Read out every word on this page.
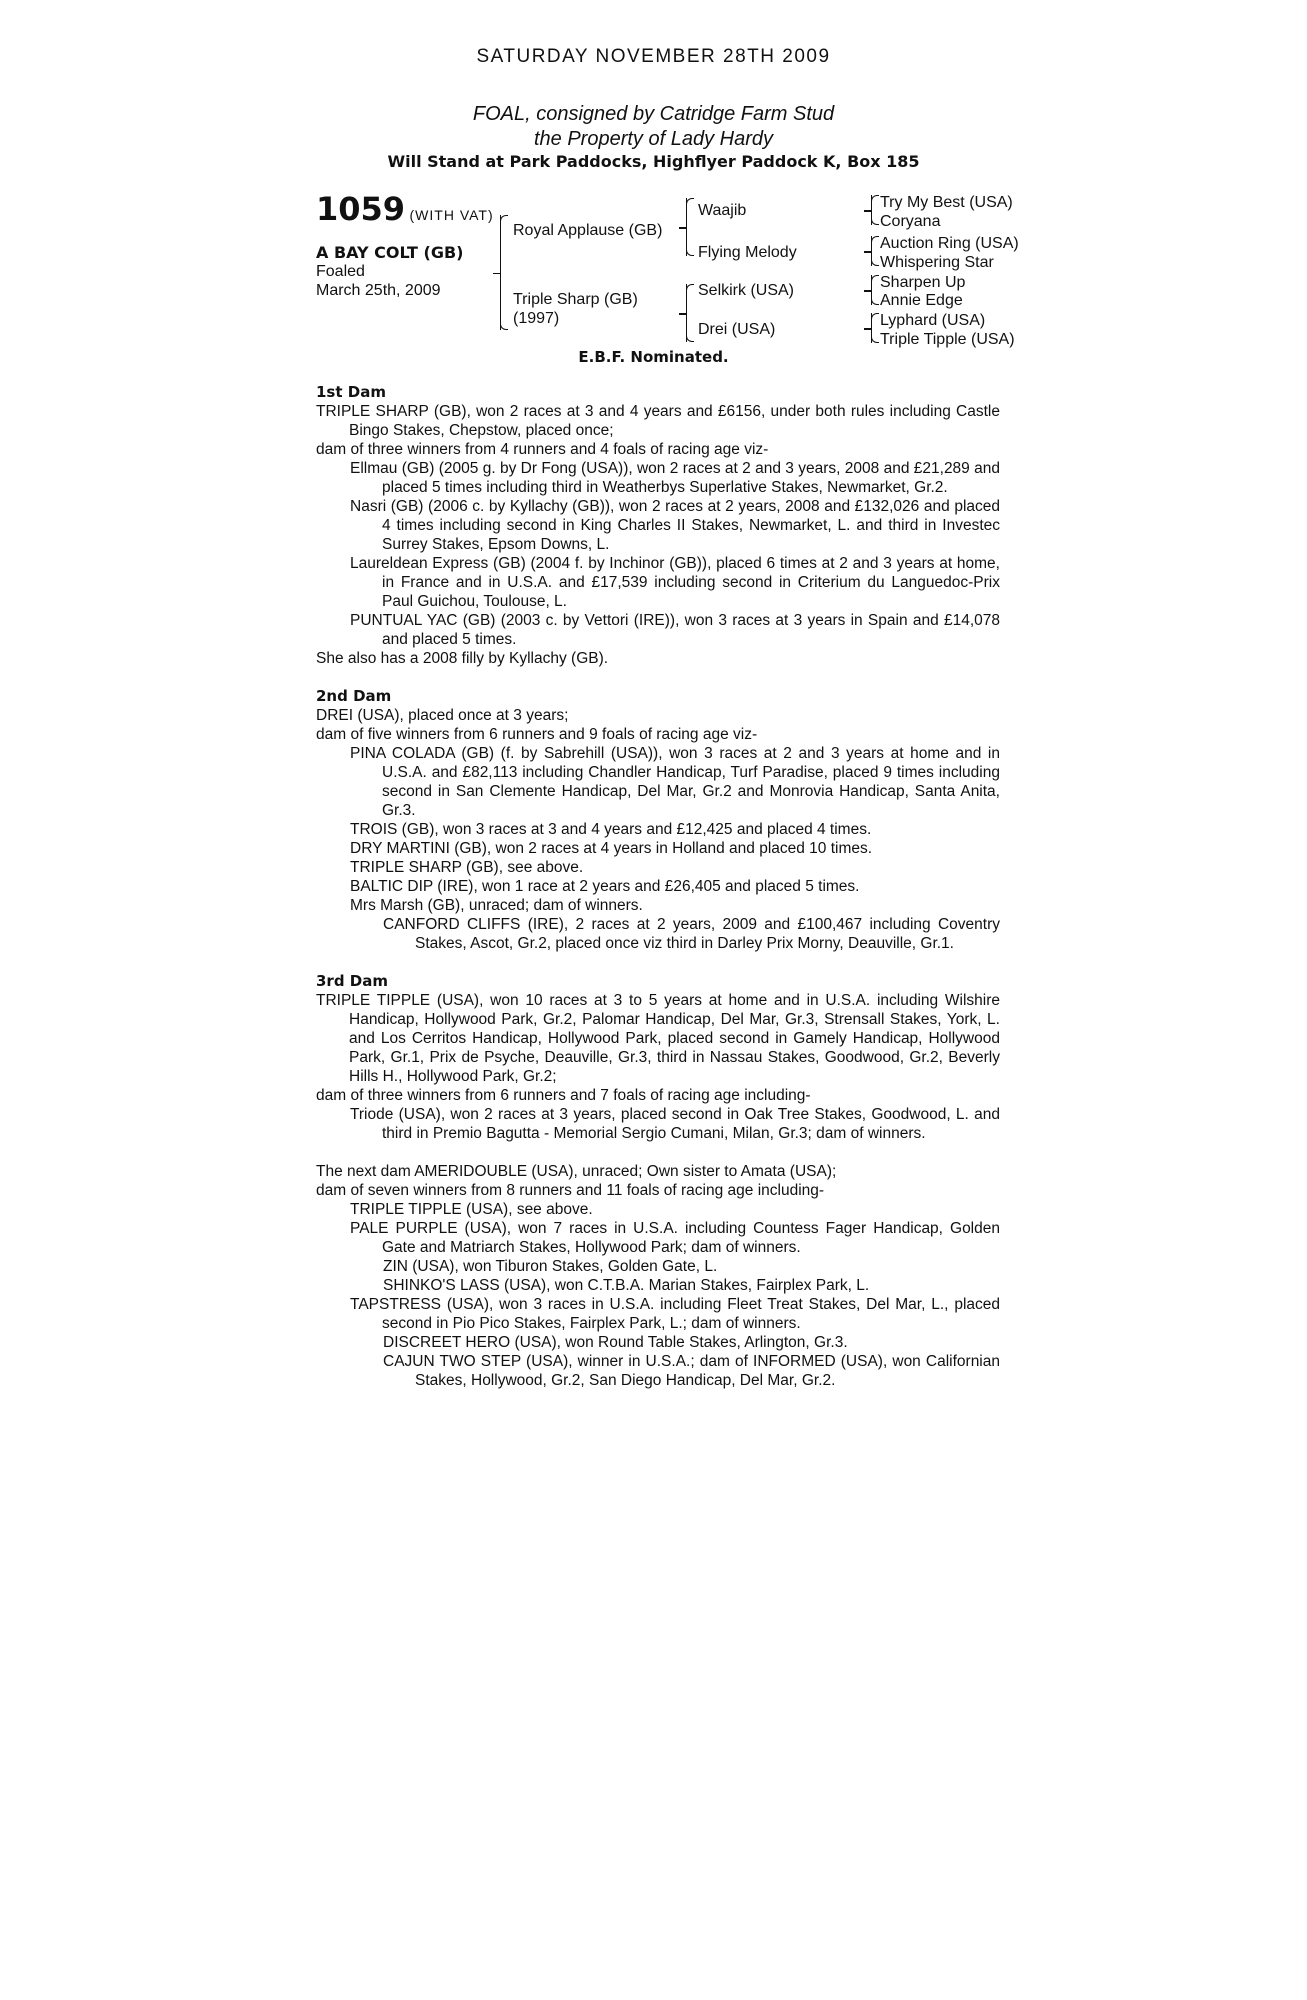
SATURDAY NOVEMBER 28TH 2009
FOAL, consigned by Catridge Farm Stud
the Property of Lady Hardy
Will Stand at Park Paddocks, Highflyer Paddock K, Box 185
1059 (WITH VAT)
A BAY COLT (GB)
Foaled
March 25th, 2009
Royal Applause (GB)
Triple Sharp (GB)
(1997)
Waajib
Flying Melody
Selkirk (USA)
Drei (USA)
Try My Best (USA)
Coryana
Auction Ring (USA)
Whispering Star
Sharpen Up
Annie Edge
Lyphard (USA)
Triple Tipple (USA)
E.B.F. Nominated.

1st Dam

TRIPLE SHARP (GB), won 2 races at 3 and 4 years and £6156, under both rules including Castle Bingo Stakes, Chepstow, placed once;

dam of three winners from 4 runners and 4 foals of racing age viz-

Ellmau (GB) (2005 g. by Dr Fong (USA)), won 2 races at 2 and 3 years, 2008 and £21,289 and placed 5 times including third in Weatherbys Superlative Stakes, Newmarket, Gr.2.

Nasri (GB) (2006 c. by Kyllachy (GB)), won 2 races at 2 years, 2008 and £132,026 and placed 4 times including second in King Charles II Stakes, Newmarket, L. and third in Investec Surrey Stakes, Epsom Downs, L.

Laureldean Express (GB) (2004 f. by Inchinor (GB)), placed 6 times at 2 and 3 years at home, in France and in U.S.A. and £17,539 including second in Criterium du Languedoc-Prix Paul Guichou, Toulouse, L.

PUNTUAL YAC (GB) (2003 c. by Vettori (IRE)), won 3 races at 3 years in Spain and £14,078 and placed 5 times.

She also has a 2008 filly by Kyllachy (GB).

2nd Dam

DREI (USA), placed once at 3 years;

dam of five winners from 6 runners and 9 foals of racing age viz-

PINA COLADA (GB) (f. by Sabrehill (USA)), won 3 races at 2 and 3 years at home and in U.S.A. and £82,113 including Chandler Handicap, Turf Paradise, placed 9 times including second in San Clemente Handicap, Del Mar, Gr.2 and Monrovia Handicap, Santa Anita, Gr.3.

TROIS (GB), won 3 races at 3 and 4 years and £12,425 and placed 4 times.

DRY MARTINI (GB), won 2 races at 4 years in Holland and placed 10 times.

TRIPLE SHARP (GB), see above.

BALTIC DIP (IRE), won 1 race at 2 years and £26,405 and placed 5 times.

Mrs Marsh (GB), unraced; dam of winners.

CANFORD CLIFFS (IRE), 2 races at 2 years, 2009 and £100,467 including Coventry Stakes, Ascot, Gr.2, placed once viz third in Darley Prix Morny, Deauville, Gr.1.

3rd Dam

TRIPLE TIPPLE (USA), won 10 races at 3 to 5 years at home and in U.S.A. including Wilshire Handicap, Hollywood Park, Gr.2, Palomar Handicap, Del Mar, Gr.3, Strensall Stakes, York, L. and Los Cerritos Handicap, Hollywood Park, placed second in Gamely Handicap, Hollywood Park, Gr.1, Prix de Psyche, Deauville, Gr.3, third in Nassau Stakes, Goodwood, Gr.2, Beverly Hills H., Hollywood Park, Gr.2;

dam of three winners from 6 runners and 7 foals of racing age including-

Triode (USA), won 2 races at 3 years, placed second in Oak Tree Stakes, Goodwood, L. and third in Premio Bagutta - Memorial Sergio Cumani, Milan, Gr.3; dam of winners.

The next dam AMERIDOUBLE (USA), unraced; Own sister to Amata (USA);

dam of seven winners from 8 runners and 11 foals of racing age including-

TRIPLE TIPPLE (USA), see above.

PALE PURPLE (USA), won 7 races in U.S.A. including Countess Fager Handicap, Golden Gate and Matriarch Stakes, Hollywood Park; dam of winners.

ZIN (USA), won Tiburon Stakes, Golden Gate, L.

SHINKO'S LASS (USA), won C.T.B.A. Marian Stakes, Fairplex Park, L.

TAPSTRESS (USA), won 3 races in U.S.A. including Fleet Treat Stakes, Del Mar, L., placed second in Pio Pico Stakes, Fairplex Park, L.; dam of winners.

DISCREET HERO (USA), won Round Table Stakes, Arlington, Gr.3.

CAJUN TWO STEP (USA), winner in U.S.A.; dam of INFORMED (USA), won Californian Stakes, Hollywood, Gr.2, San Diego Handicap, Del Mar, Gr.2.
